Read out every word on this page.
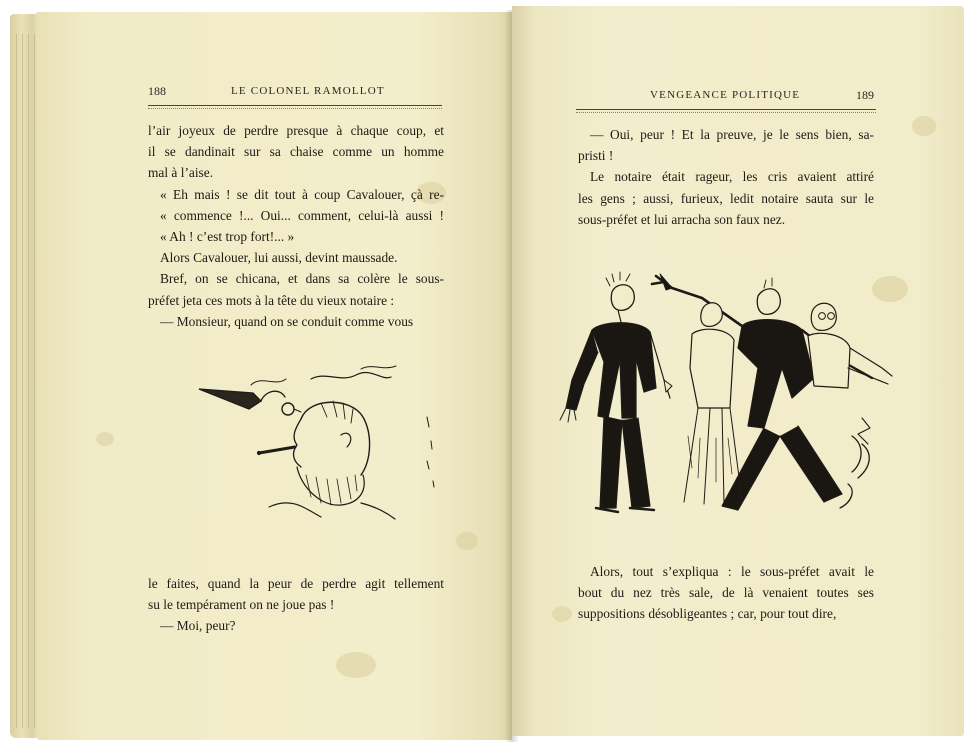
188	LE COLONEL RAMOLLOT

l’air joyeux de perdre presque à chaque coup, et

il se dandinait sur sa chaise comme un homme

mal à l’aise.

« Eh mais ! se dit tout à coup Cavalouer, çà re-

« commence !... Oui... comment, celui-là aussi !

« Ah ! c’est trop fort!... »

Alors Cavalouer, lui aussi, devint maussade.

Bref, on se chicana, et dans sa colère le sous-

préfet jeta ces mots à la tête du vieux notaire :

— Monsieur, quand on se conduit comme vous

le faites, quand la peur de perdre agit tellement

su le tempérament on ne joue pas !

— Moi, peur?

VENGEANCE POLITIQUE	189

— Oui, peur ! Et la preuve, je le sens bien, sa-

pristi !

Le notaire était rageur, les cris avaient attiré

les gens ; aussi, furieux, ledit notaire sauta sur le

sous-préfet et lui arracha son faux nez.

Alors, tout s’expliqua : le sous-préfet avait le

bout du nez très sale, de là venaient toutes ses

suppositions désobligeantes ; car, pour tout dire,
